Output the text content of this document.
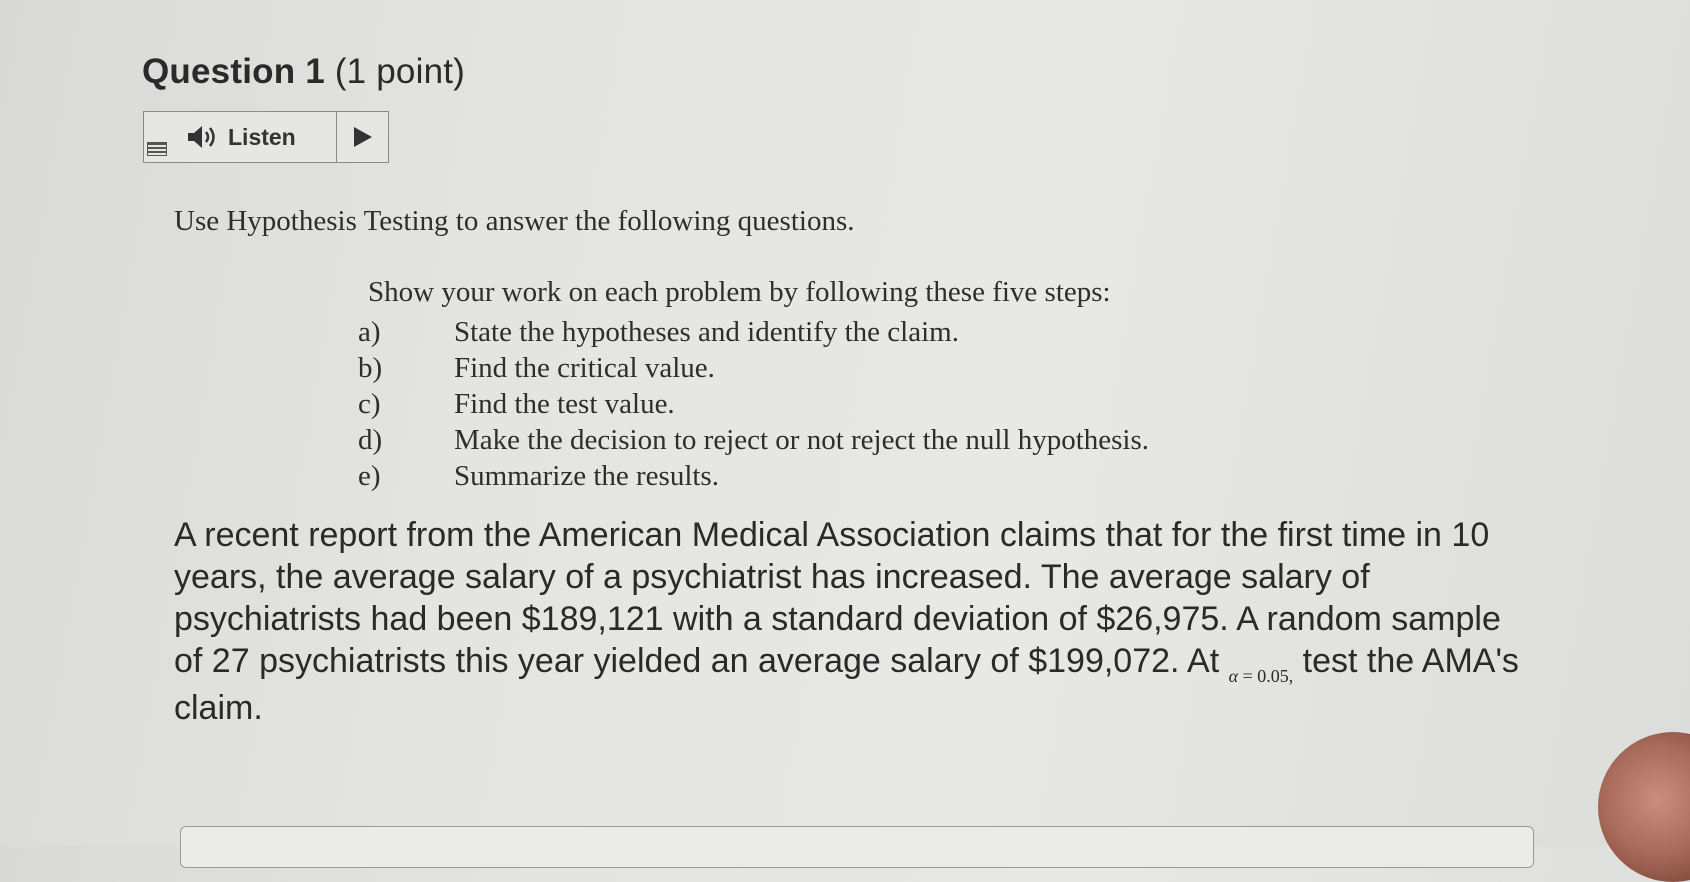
Question 1 (1 point)
Listen
Use Hypothesis Testing to answer the following questions.
Show your work on each problem by following these five steps:
a)	State the hypotheses and identify the claim.
b)	Find the critical value.
c)	Find the test value.
d)	Make the decision to reject or not reject the null hypothesis.
e)	Summarize the results.

A recent report from the American Medical Association claims that for the first time in 10 years, the average salary of a psychiatrist has increased. The average salary of psychiatrists had been $189,121 with a standard deviation of $26,975. A random sample of 27 psychiatrists this year yielded an average salary of $199,072. At $_{\alpha = 0.05,}$ test the AMA's claim.
